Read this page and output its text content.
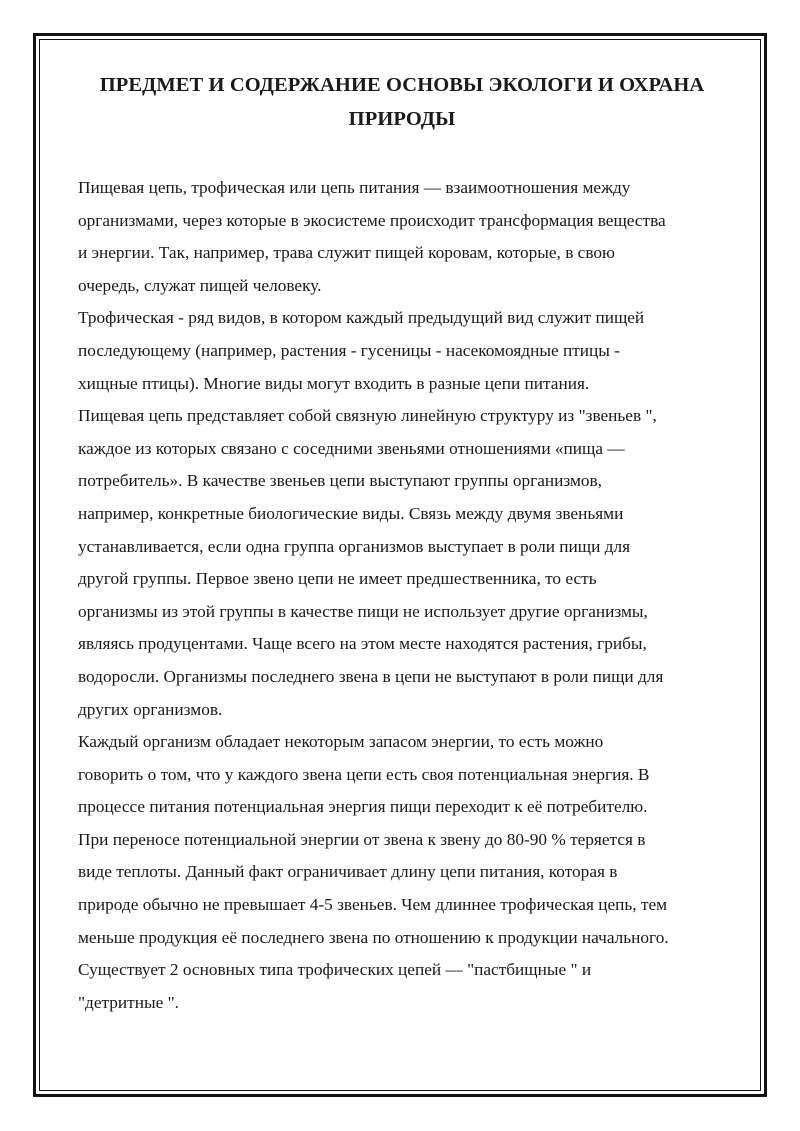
ПРЕДМЕТ И СОДЕРЖАНИЕ ОСНОВЫ ЭКОЛОГИ И ОХРАНА
ПРИРОДЫ

Пищевая цепь, трофическая или цепь питания — взаимоотношения между
организмами, через которые в экосистеме происходит трансформация вещества
и энергии. Так, например, трава служит пищей коровам, которые, в свою
очередь, служат пищей человеку.

Трофическая - ряд видов, в котором каждый предыдущий вид служит пищей
последующему (например, растения - гусеницы - насекомоядные птицы -
хищные птицы). Многие виды могут входить в разные цепи питания.

Пищевая цепь представляет собой связную линейную структуру из "звеньев ",
каждое из которых связано с соседними звеньями отношениями «пища —
потребитель». В качестве звеньев цепи выступают группы организмов,
например, конкретные биологические виды. Связь между двумя звеньями
устанавливается, если одна группа организмов выступает в роли пищи для
другой группы. Первое звено цепи не имеет предшественника, то есть
организмы из этой группы в качестве пищи не использует другие организмы,
являясь продуцентами. Чаще всего на этом месте находятся растения, грибы,
водоросли. Организмы последнего звена в цепи не выступают в роли пищи для
других организмов.

Каждый организм обладает некоторым запасом энергии, то есть можно
говорить о том, что у каждого звена цепи есть своя потенциальная энергия. В
процессе питания потенциальная энергия пищи переходит к её потребителю.
При переносе потенциальной энергии от звена к звену до 80-90 % теряется в
виде теплоты. Данный факт ограничивает длину цепи питания, которая в
природе обычно не превышает 4-5 звеньев. Чем длиннее трофическая цепь, тем
меньше продукция её последнего звена по отношению к продукции начального.
Существует 2 основных типа трофических цепей — "пастбищные " и
"детритные ".
